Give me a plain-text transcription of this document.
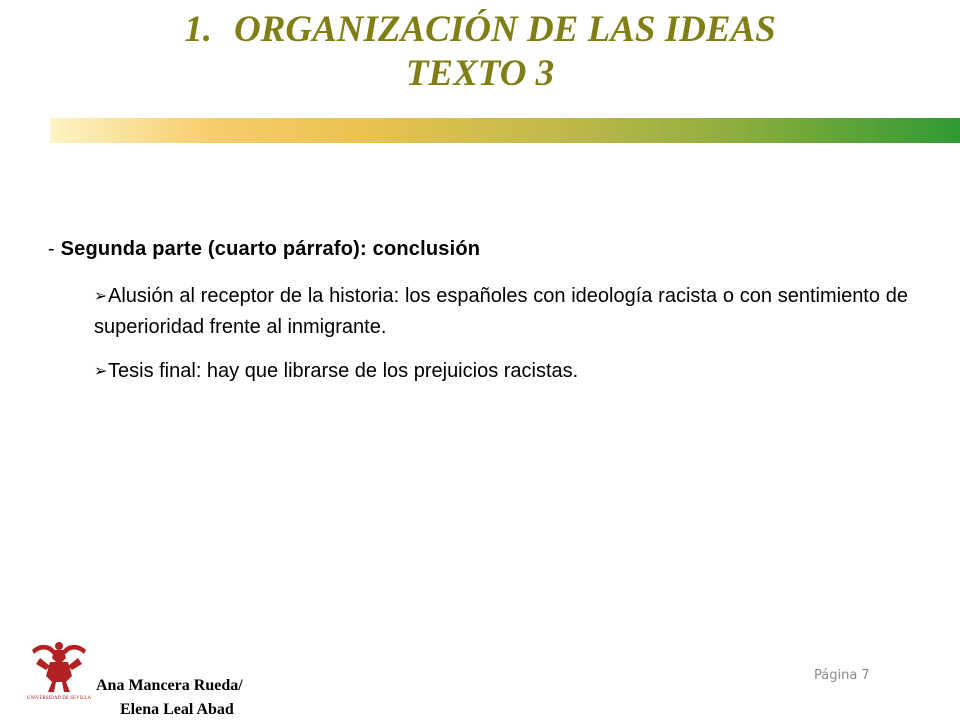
1. ORGANIZACIÓN DE LAS IDEAS
TEXTO 3
- Segunda parte (cuarto párrafo): conclusión
➢Alusión al receptor de la historia: los españoles con ideología racista o con sentimiento de superioridad frente al inmigrante.
➢Tesis final: hay que librarse de los prejuicios racistas.
UNIVERSIDAD DE SEVILLA
Ana Mancera Rueda/
Elena Leal Abad
Página 7
